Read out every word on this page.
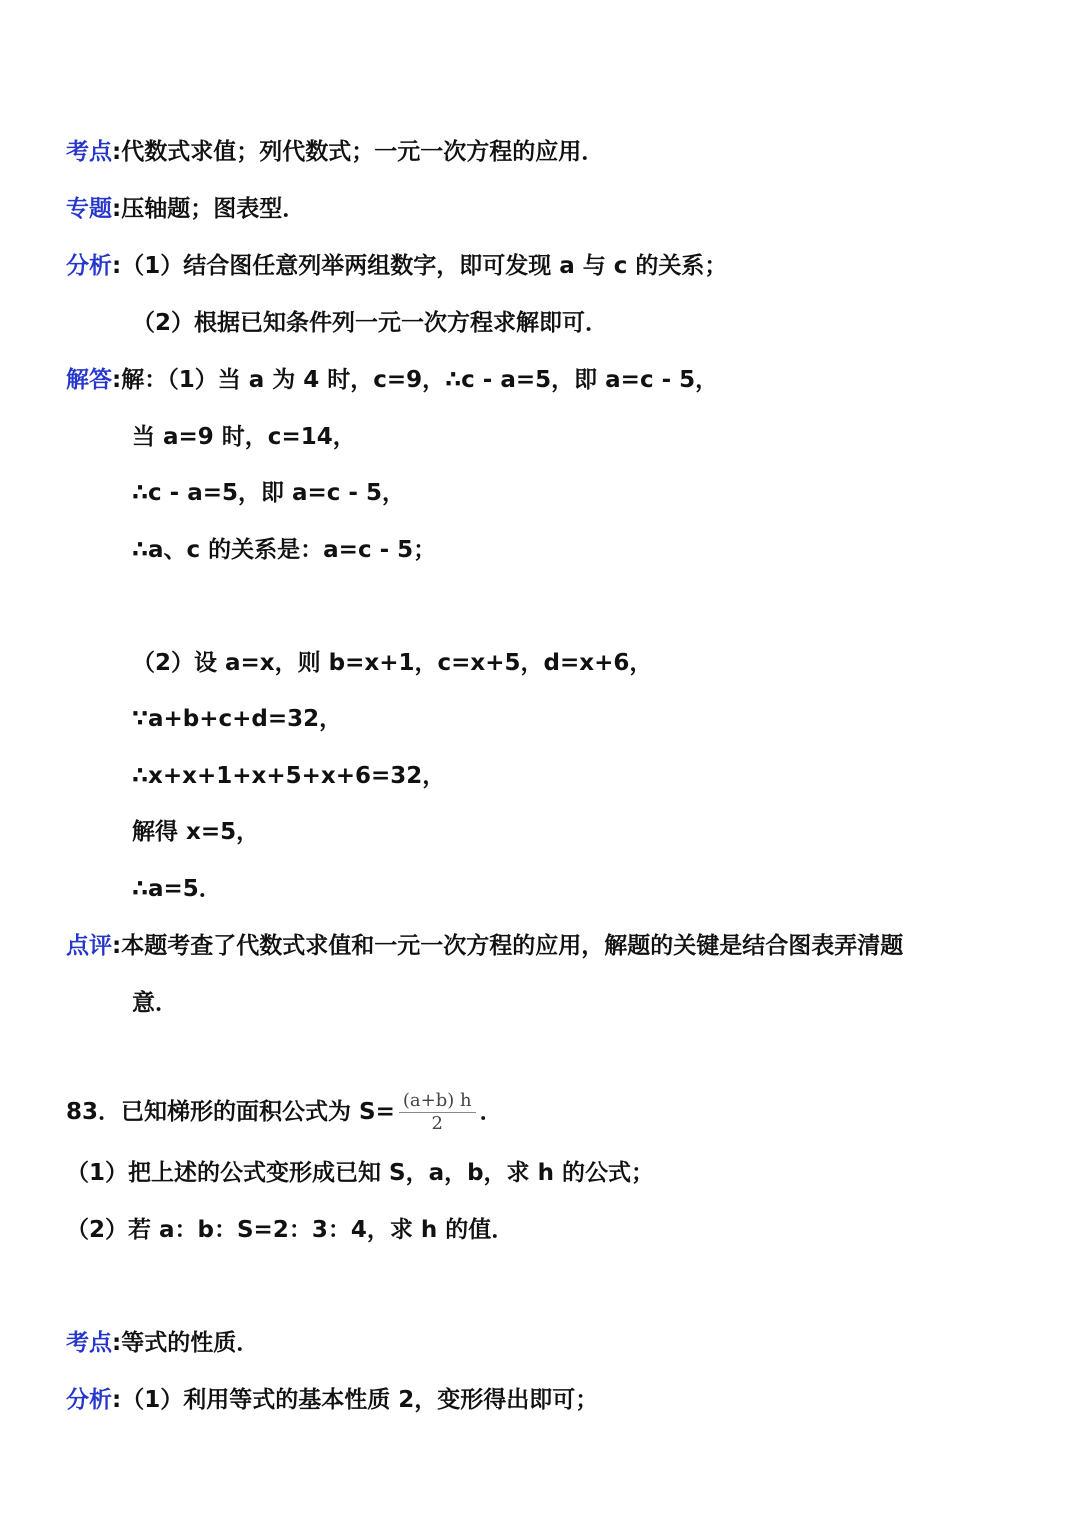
考点:代数式求值；列代数式；一元一次方程的应用．
专题:压轴题；图表型．
分析:（1）结合图任意列举两组数字，即可发现 a 与 c 的关系；
（2）根据已知条件列一元一次方程求解即可．
解答:解：（1）当 a 为 4 时，c=9，∴c - a=5，即 a=c - 5，
当 a=9 时，c=14，
∴c - a=5，即 a=c - 5，
∴a、c 的关系是：a=c - 5；
（2）设 a=x，则 b=x+1，c=x+5，d=x+6，
∵a+b+c+d=32，
∴x+x+1+x+5+x+6=32，
解得 x=5，
∴a=5．
点评:本题考查了代数式求值和一元一次方程的应用，解题的关键是结合图表弄清题
意．
83．已知梯形的面积公式为 $S= \frac{(a+b) h}{2}$ ．
（1）把上述的公式变形成已知 S，a，b，求 h 的公式；
（2）若 a：b：S=2：3：4，求 h 的值．
考点:等式的性质．
分析:（1）利用等式的基本性质 2，变形得出即可；
